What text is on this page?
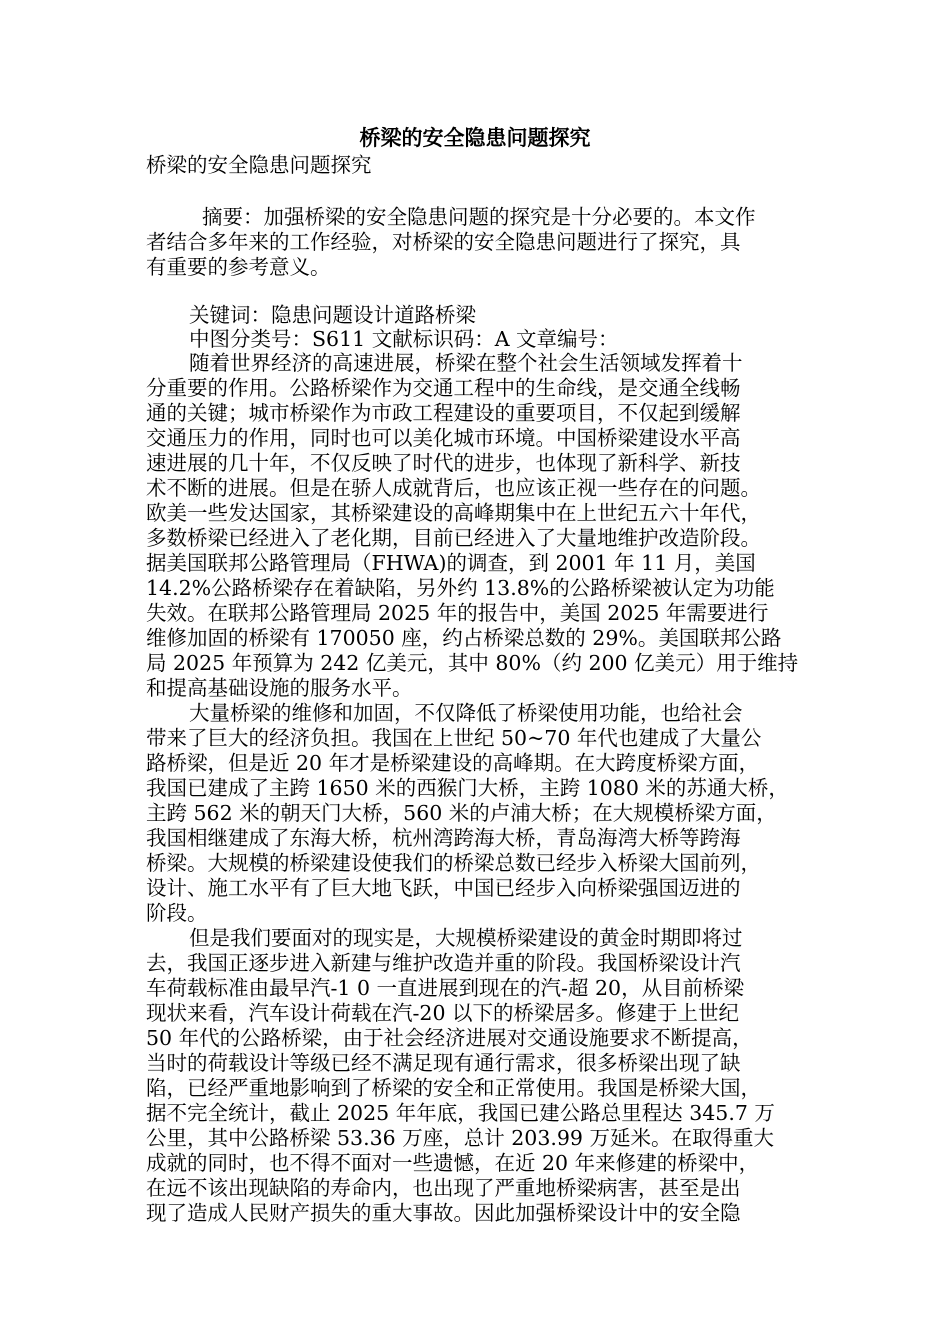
桥梁的安全隐患问题探究
桥梁的安全隐患问题探究
摘要：加强桥梁的安全隐患问题的探究是十分必要的。本文作
者结合多年来的工作经验，对桥梁的安全隐患问题进行了探究，具
有重要的参考意义。
关键词：隐患问题设计道路桥梁
中图分类号：S611 文献标识码：A 文章编号：
随着世界经济的高速进展，桥梁在整个社会生活领域发挥着十
分重要的作用。公路桥梁作为交通工程中的生命线，是交通全线畅
通的关键；城市桥梁作为市政工程建设的重要项目，不仅起到缓解
交通压力的作用，同时也可以美化城市环境。中国桥梁建设水平高
速进展的几十年，不仅反映了时代的进步，也体现了新科学、新技
术不断的进展。但是在骄人成就背后，也应该正视一些存在的问题。
欧美一些发达国家，其桥梁建设的高峰期集中在上世纪五六十年代，
多数桥梁已经进入了老化期，目前已经进入了大量地维护改造阶段。
据美国联邦公路管理局（FHWA)的调查，到 2001 年 11 月，美国
14.2%公路桥梁存在着缺陷，另外约 13.8%的公路桥梁被认定为功能
失效。在联邦公路管理局 2025 年的报告中，美国 2025 年需要进行
维修加固的桥梁有 170050 座，约占桥梁总数的 29%。美国联邦公路
局 2025 年预算为 242 亿美元，其中 80%（约 200 亿美元）用于维持
和提高基础设施的服务水平。
大量桥梁的维修和加固，不仅降低了桥梁使用功能，也给社会
带来了巨大的经济负担。我国在上世纪 50~70 年代也建成了大量公
路桥梁，但是近 20 年才是桥梁建设的高峰期。在大跨度桥梁方面，
我国已建成了主跨 1650 米的西猴门大桥，主跨 1080 米的苏通大桥，
主跨 562 米的朝天门大桥，560 米的卢浦大桥；在大规模桥梁方面，
我国相继建成了东海大桥，杭州湾跨海大桥，青岛海湾大桥等跨海
桥梁。大规模的桥梁建设使我们的桥梁总数已经步入桥梁大国前列，
设计、施工水平有了巨大地飞跃，中国已经步入向桥梁强国迈进的
阶段。
但是我们要面对的现实是，大规模桥梁建设的黄金时期即将过
去，我国正逐步进入新建与维护改造并重的阶段。我国桥梁设计汽
车荷载标准由最早汽-1 0 一直进展到现在的汽-超 20，从目前桥梁
现状来看，汽车设计荷载在汽-20 以下的桥梁居多。修建于上世纪
50 年代的公路桥梁，由于社会经济进展对交通设施要求不断提高，
当时的荷载设计等级已经不满足现有通行需求，很多桥梁出现了缺
陷，已经严重地影响到了桥梁的安全和正常使用。我国是桥梁大国，
据不完全统计，截止 2025 年年底，我国已建公路总里程达 345.7 万
公里，其中公路桥梁 53.36 万座，总计 203.99 万延米。在取得重大
成就的同时，也不得不面对一些遗憾，在近 20 年来修建的桥梁中，
在远不该出现缺陷的寿命内，也出现了严重地桥梁病害，甚至是出
现了造成人民财产损失的重大事故。因此加强桥梁设计中的安全隐
